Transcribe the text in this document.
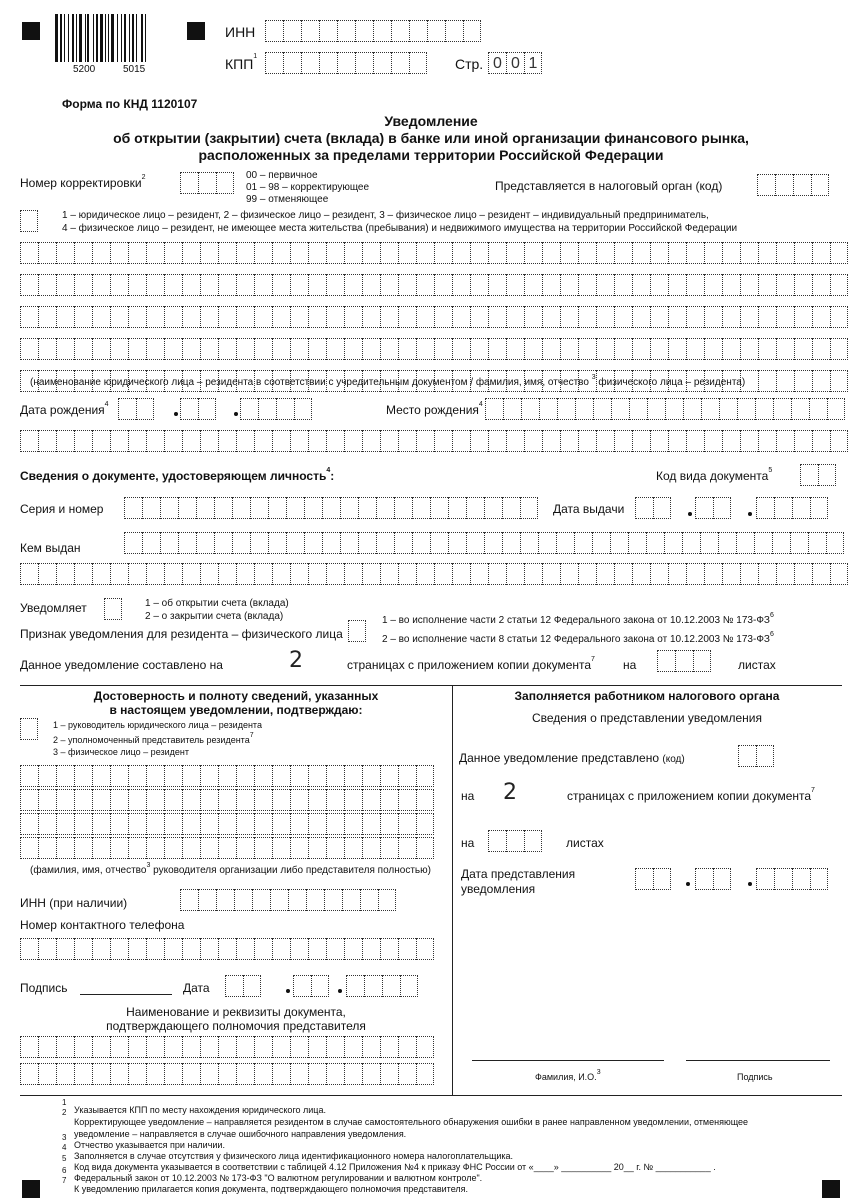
5200	5015
ИНН
КПП$^1$	Стр. 0 0 1
Форма по КНД 1120107
Уведомление
об открытии (закрытии) счета (вклада) в банке или иной организации финансового рынка,
расположенных за пределами территории Российской Федерации
Номер корректировки$^2$	00 – первичное
01 – 98 – корректирующее
99 – отменяющее
Представляется в налоговый орган (код)
1 – юридическое лицо – резидент, 2 – физическое лицо – резидент, 3 – физическое лицо – резидент – индивидуальный предприниматель,
4 – физическое лицо – резидент, не имеющее места жительства (пребывания) и недвижимого имущества на территории Российской Федерации
(наименование юридического лица – резидента в соответствии с учредительным документом / фамилия, имя, отчество $^3$ физического лица – резидента)
Дата рождения$^4$	Место рождения$^4$
Сведения о документе, удостоверяющем личность$^4$:	Код вида документа$^5$
Серия и номер	Дата выдачи
Кем выдан
Уведомляет	1 – об открытии счета (вклада)
2 – о закрытии счета (вклада)
Признак уведомления для резидента – физического лица
1 – во исполнение части 2 статьи 12 Федерального закона от 10.12.2003 № $173-ФЗ^6$
2 – во исполнение части 8 статьи 12 Федерального закона от 10.12.2003 № $173-ФЗ^6$
Данное уведомление составлено на	2	страницах с приложением копии документа$^7$ на	листах
Достоверность и полноту сведений, указанных
в настоящем уведомлении, подтверждаю:
1 – руководитель юридического лица – резидента
2 – уполномоченный представитель резидента$^7$
3 – физическое лицо – резидент
(фамилия, имя, отчество$^3$ руководителя организации либо представителя полностью)
ИНН (при наличии)
Номер контактного телефона
Подпись	Дата
Наименование и реквизиты документа,
подтверждающего полномочия представителя
Заполняется работником налогового органа
Сведения о представлении уведомления
Данное уведомление представлено (код)
на 2	страницах с приложением копии документа$^7$
на	листах
Дата представления
уведомления
Фамилия, И.О.$^3$	Подпись
1
2
3
4
5
6
7
Указывается КПП по месту нахождения юридического лица.
Корректирующее уведомление – направляется резидентом в случае самостоятельного обнаружения ошибки в ранее направленном уведомлении, отменяющее
уведомление – направляется в случае ошибочного направления уведомления.
Отчество указывается при наличии.
Заполняется в случае отсутствия у физического лица идентификационного номера налогоплательщика.
Код вида документа указывается в соответствии с таблицей 4.12 Приложения №4 к приказу ФНС России от «____» __________ 20__ г. № ___________ .
Федеральный закон от 10.12.2003 № 173-ФЗ "О валютном регулировании и валютном контроле".
К уведомлению прилагается копия документа, подтверждающего полномочия представителя.
